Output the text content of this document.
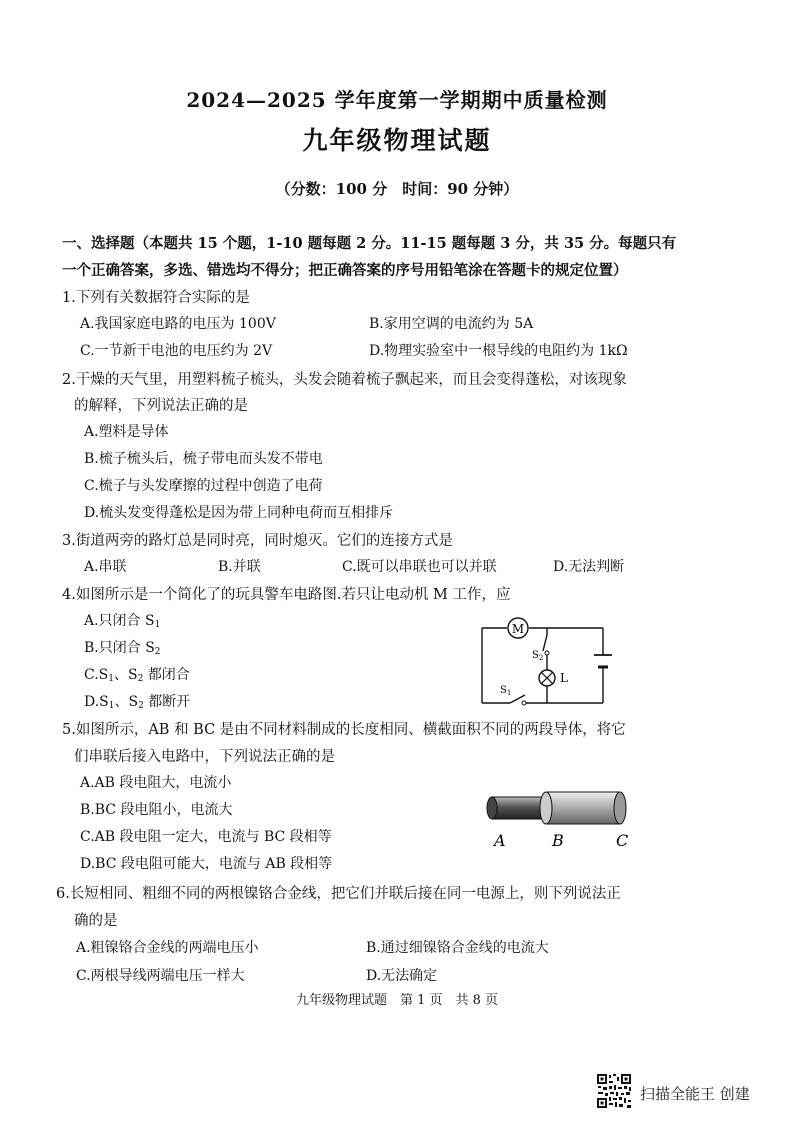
2024—2025 学年度第一学期期中质量检测
九年级物理试题
（分数：100 分　时间：90 分钟）
一、选择题（本题共 15 个题，1-10 题每题 2 分。11-15 题每题 3 分，共 35 分。每题只有
一个正确答案，多选、错选均不得分；把正确答案的序号用铅笔涂在答题卡的规定位置）
1.下列有关数据符合实际的是
A.我国家庭电路的电压为 100V	B.家用空调的电流约为 5A
C.一节新干电池的电压约为 2V	D.物理实验室中一根导线的电阻约为 1kΩ
2.干燥的天气里，用塑料梳子梳头，头发会随着梳子飘起来，而且会变得蓬松，对该现象
的解释，下列说法正确的是
A.塑料是导体
B.梳子梳头后，梳子带电而头发不带电
C.梳子与头发摩擦的过程中创造了电荷
D.梳头发变得蓬松是因为带上同种电荷而互相排斥
3.街道两旁的路灯总是同时亮，同时熄灭。它们的连接方式是
A.串联	B.并联	C.既可以串联也可以并联	D.无法判断
4.如图所示是一个简化了的玩具警车电路图.若只让电动机 M 工作，应
A.只闭合 $S_1$
B.只闭合 $S_2$
$C.S_1$、$S_2$ 都闭合
$D.S_1$、$S_2$ 都断开
M
$S_2$
L
$S_1$
5.如图所示，AB 和 BC 是由不同材料制成的长度相同、横截面积不同的两段导体，将它
们串联后接入电路中，下列说法正确的是
A.AB 段电阻大，电流小
B.BC 段电阻小，电流大
C.AB 段电阻一定大，电流与 BC 段相等
D.BC 段电阻可能大，电流与 AB 段相等
A	B	C
6.长短相同、粗细不同的两根镍铬合金线，把它们并联后接在同一电源上，则下列说法正
确的是
A.粗镍铬合金线的两端电压小	B.通过细镍铬合金线的电流大
C.两根导线两端电压一样大	D.无法确定
九年级物理试题　第 1 页　共 8 页
扫描全能王 创建
